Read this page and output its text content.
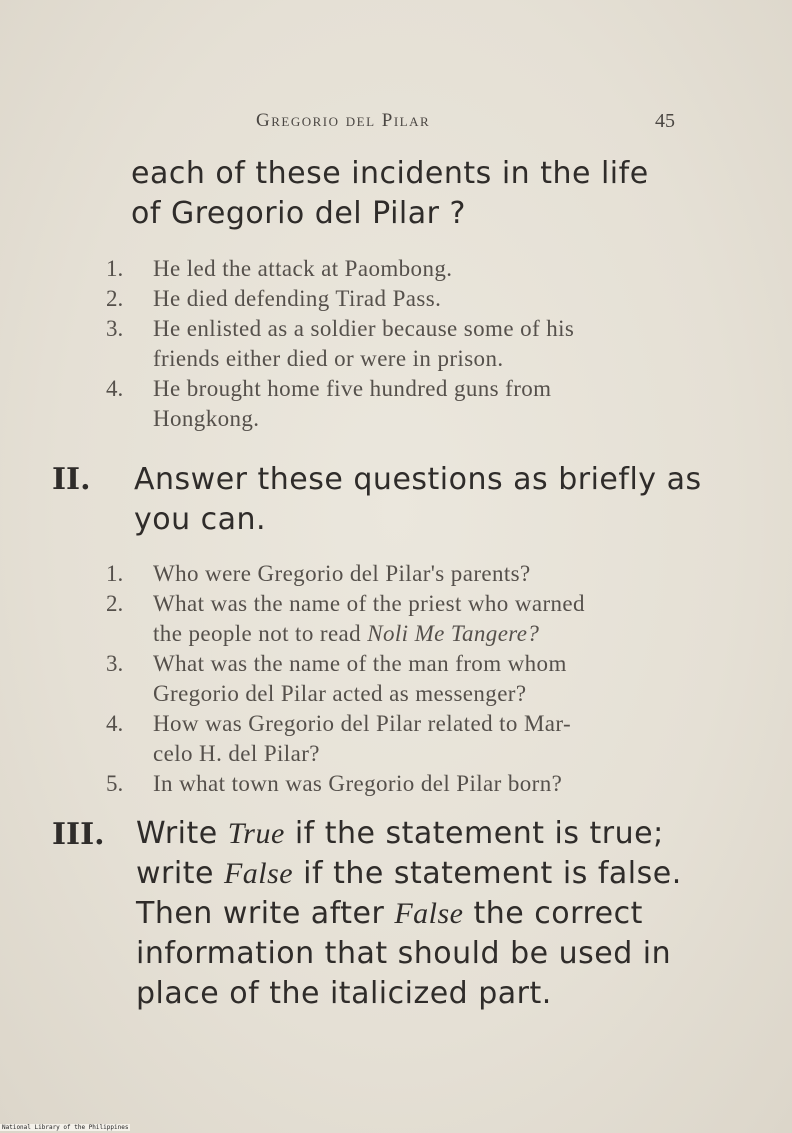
Gregorio del Pilar	45
each of these incidents in the life
of Gregorio del Pilar ?
1. He led the attack at Paombong.
2. He died defending Tirad Pass.
3. He enlisted as a soldier because some of his
friends either died or were in prison.
4. He brought home five hundred guns from
Hongkong.
II. Answer these questions as briefly as
you can.
1. Who were Gregorio del Pilar's parents?
2. What was the name of the priest who warned
the people not to read Noli Me Tangere?
3. What was the name of the man from whom
Gregorio del Pilar acted as messenger?
4. How was Gregorio del Pilar related to Mar-
celo H. del Pilar?
5. In what town was Gregorio del Pilar born?
III. Write True if the statement is true;
write False if the statement is false.
Then write after False the correct
information that should be used in
place of the italicized part.
National Library of the Philippines
